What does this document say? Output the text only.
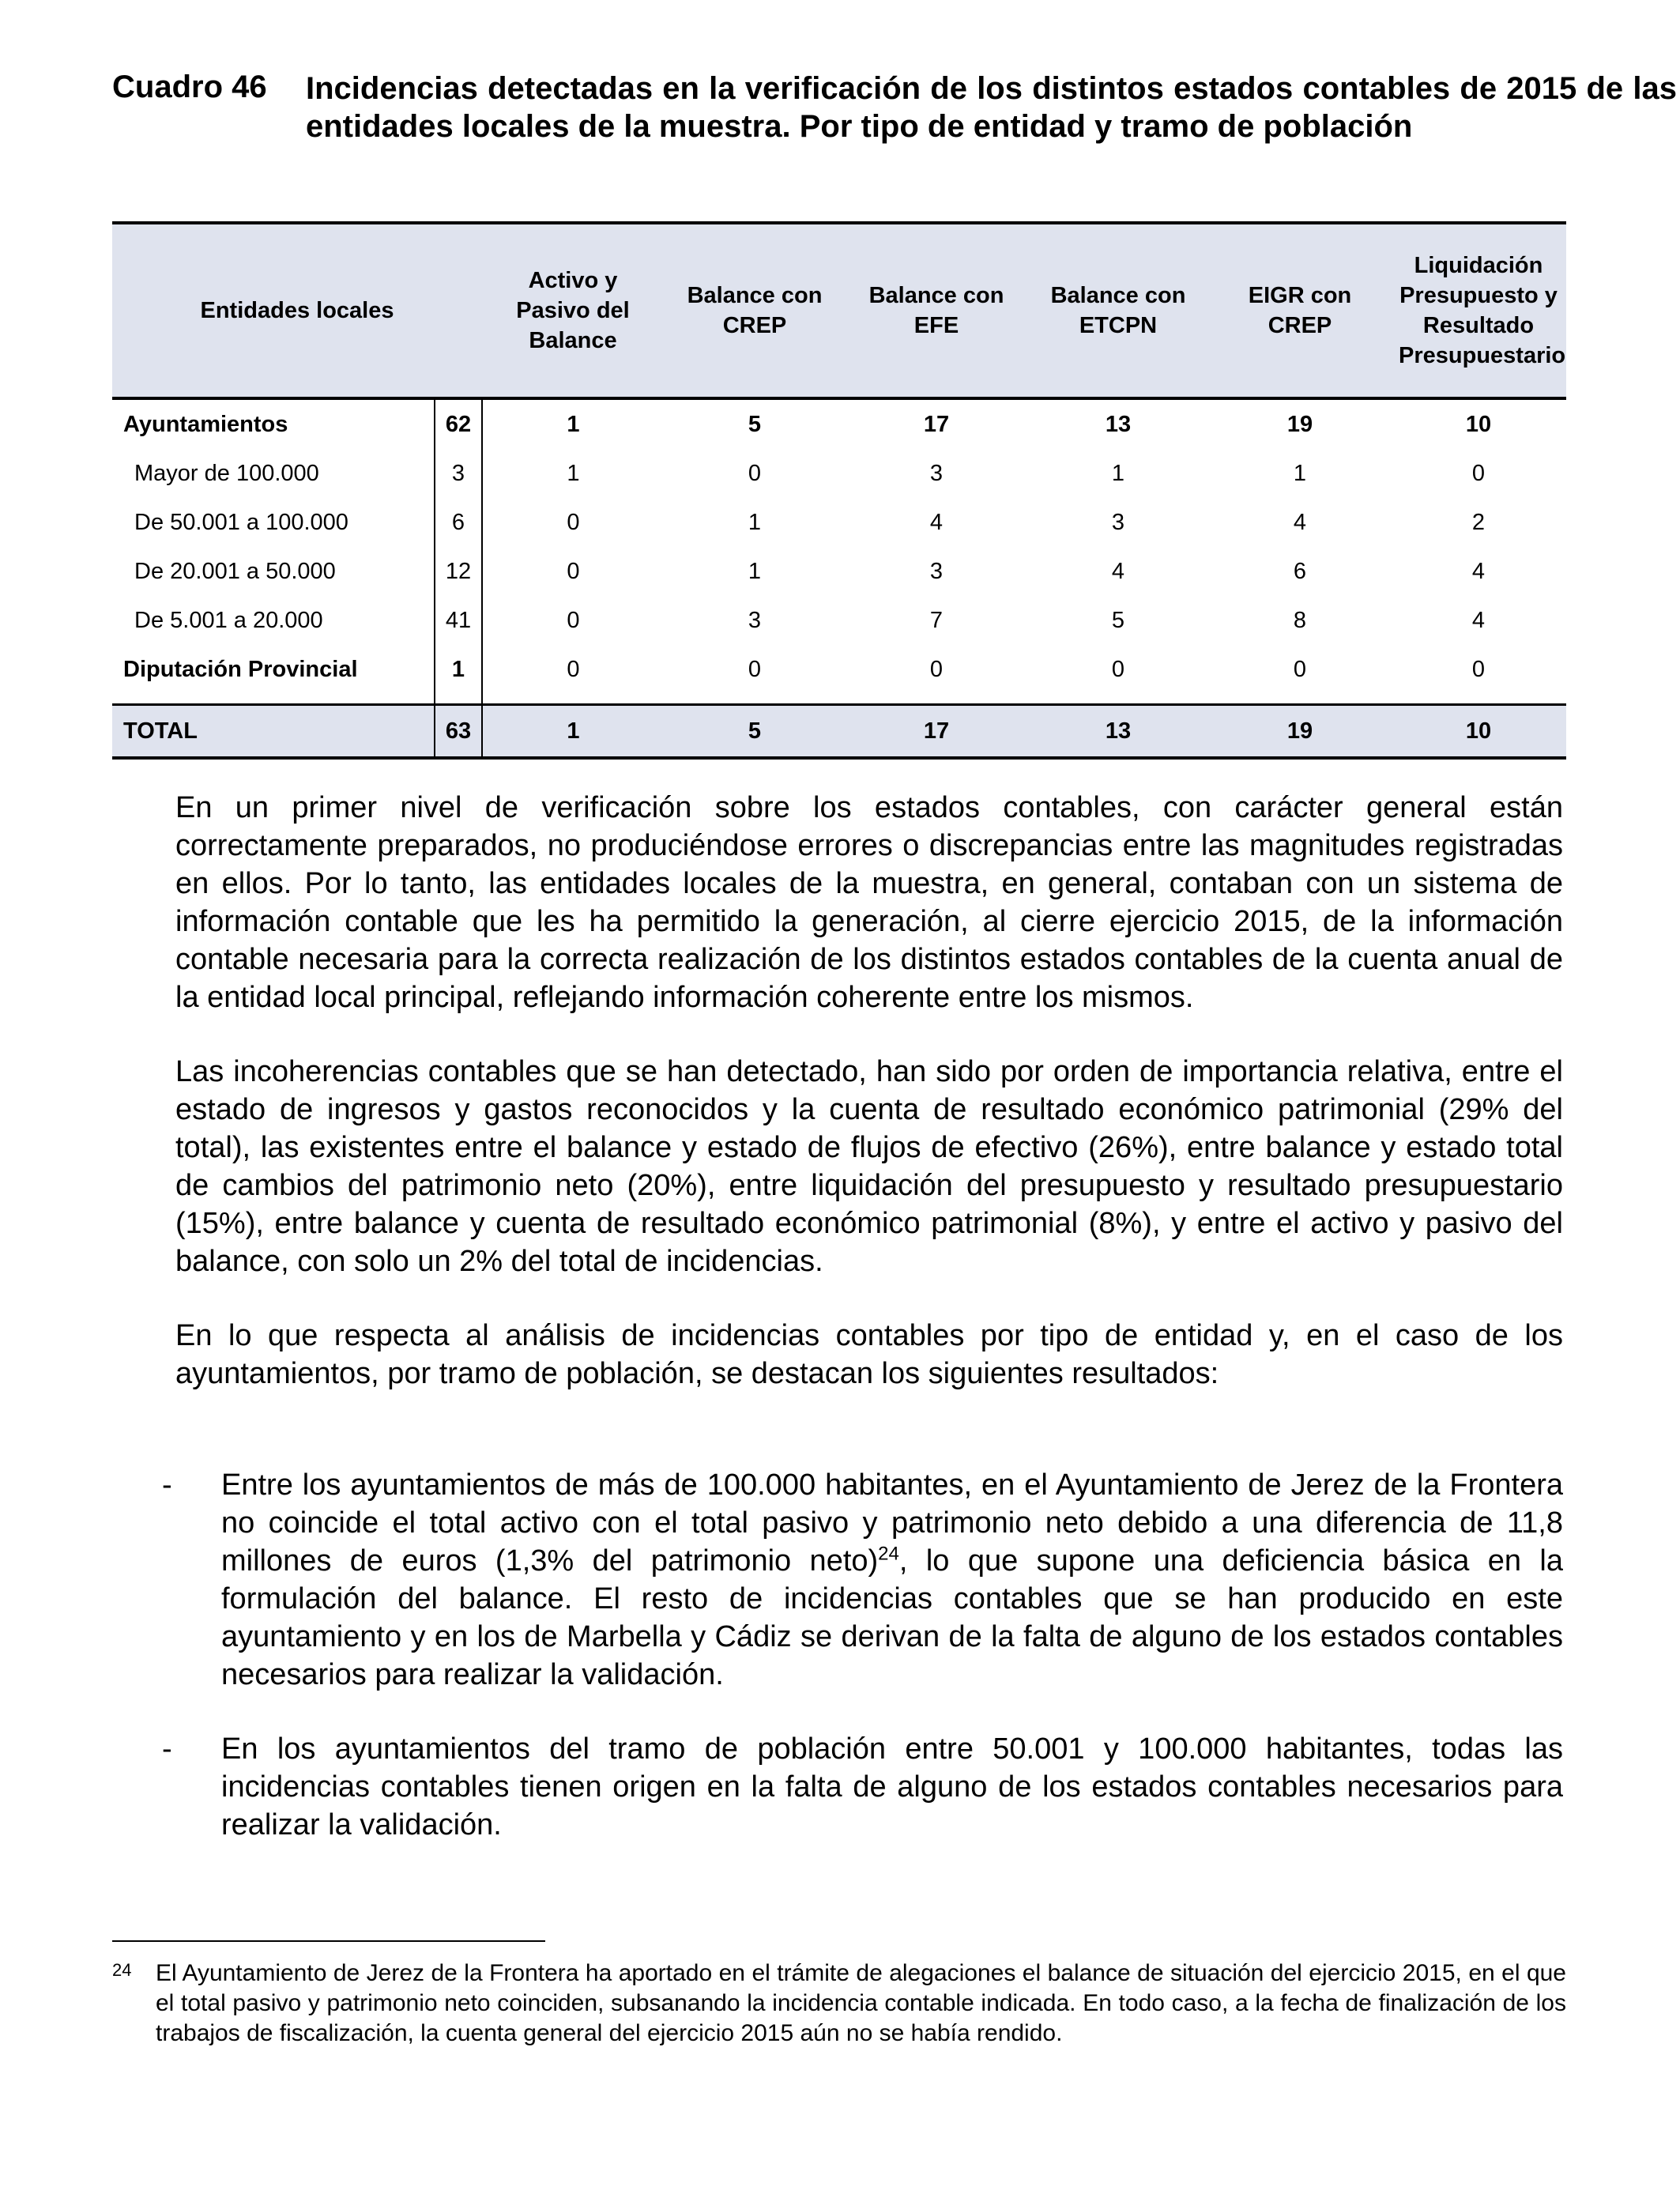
Cuadro 46 Incidencias detectadas en la verificación de los distintos estados contables de 2015 de las entidades locales de la muestra. Por tipo de entidad y tramo de población
Entidades locales		Activo y Pasivo del Balance	Balance con CREP	Balance con EFE	Balance con ETCPN	EIGR con CREP	Liquidación Presupuesto y Resultado Presupuestario
Ayuntamientos	62	1	5	17	13	19	10
Mayor de 100.000	3	1	0	3	1	1	0
De 50.001 a 100.000	6	0	1	4	3	4	2
De 20.001 a 50.000	12	0	1	3	4	6	4
De 5.001 a 20.000	41	0	3	7	5	8	4
Diputación Provincial	1	0	0	0	0	0	0

TOTAL	63	1	5	17	13	19	10

En un primer nivel de verificación sobre los estados contables, con carácter general están correctamente preparados, no produciéndose errores o discrepancias entre las magnitudes registradas en ellos. Por lo tanto, las entidades locales de la muestra, en general, contaban con un sistema de información contable que les ha permitido la generación, al cierre ejercicio 2015, de la información contable necesaria para la correcta realización de los distintos estados contables de la cuenta anual de la entidad local principal, reflejando información coherente entre los mismos.

Las incoherencias contables que se han detectado, han sido por orden de importancia relativa, entre el estado de ingresos y gastos reconocidos y la cuenta de resultado económico patrimonial (29% del total), las existentes entre el balance y estado de flujos de efectivo (26%), entre balance y estado total de cambios del patrimonio neto (20%), entre liquidación del presupuesto y resultado presupuestario (15%), entre balance y cuenta de resultado económico patrimonial (8%), y entre el activo y pasivo del balance, con solo un 2% del total de incidencias.

En lo que respecta al análisis de incidencias contables por tipo de entidad y, en el caso de los ayuntamientos, por tramo de población, se destacan los siguientes resultados:

- Entre los ayuntamientos de más de 100.000 habitantes, en el Ayuntamiento de Jerez de la Frontera no coincide el total activo con el total pasivo y patrimonio neto debido a una diferencia de 11,8 millones de euros (1,3% del patrimonio neto)$^{24}$, lo que supone una deficiencia básica en la formulación del balance. El resto de incidencias contables que se han producido en este ayuntamiento y en los de Marbella y Cádiz se derivan de la falta de alguno de los estados contables necesarios para realizar la validación.
- En los ayuntamientos del tramo de población entre 50.001 y 100.000 habitantes, todas las incidencias contables tienen origen en la falta de alguno de los estados contables necesarios para realizar la validación.
24 El Ayuntamiento de Jerez de la Frontera ha aportado en el trámite de alegaciones el balance de situación del ejercicio 2015, en el que el total pasivo y patrimonio neto coinciden, subsanando la incidencia contable indicada. En todo caso, a la fecha de finalización de los trabajos de fiscalización, la cuenta general del ejercicio 2015 aún no se había rendido.
